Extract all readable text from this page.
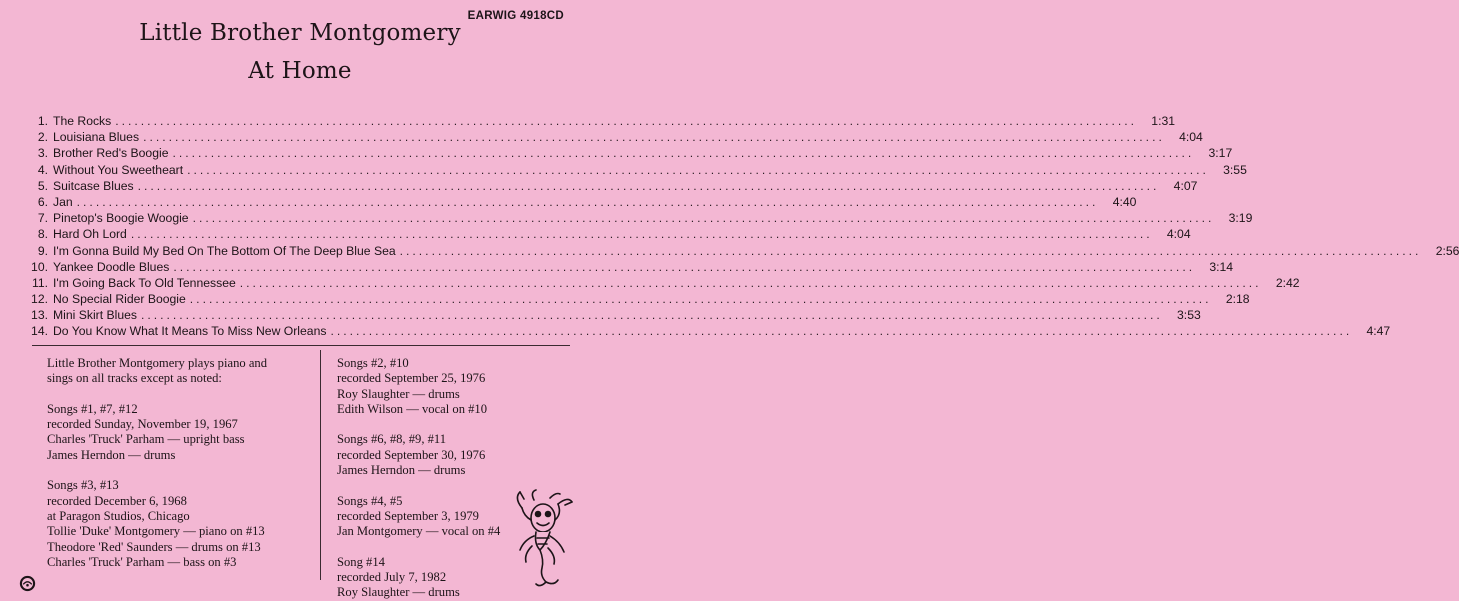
EARWIG 4918CD
Little Brother Montgomery
At Home
1. The Rocks ................................................................................................................................................................	1:31
2. Louisiana Blues ................................................................................................................................................................	4:04
3. Brother Red's Boogie ................................................................................................................................................................	3:17
4. Without You Sweetheart ................................................................................................................................................................	3:55
5. Suitcase Blues ................................................................................................................................................................	4:07
6. Jan ................................................................................................................................................................	4:40
7. Pinetop's Boogie Woogie ................................................................................................................................................................	3:19
8. Hard Oh Lord ................................................................................................................................................................	4:04
9. I'm Gonna Build My Bed On The Bottom Of The Deep Blue Sea ................................................................................................................................................................	2:56
10. Yankee Doodle Blues ................................................................................................................................................................	3:14
11. I'm Going Back To Old Tennessee ................................................................................................................................................................	2:42
12. No Special Rider Boogie ................................................................................................................................................................	2:18
13. Mini Skirt Blues ................................................................................................................................................................	3:53
14. Do You Know What It Means To Miss New Orleans ................................................................................................................................................................	4:47
Little Brother Montgomery plays piano and
sings on all tracks except as noted:
Songs #1, #7, #12
recorded Sunday, November 19, 1967
Charles 'Truck' Parham — upright bass
James Herndon — drums
Songs #3, #13
recorded December 6, 1968
at Paragon Studios, Chicago
Tollie 'Duke' Montgomery — piano on #13
Theodore 'Red' Saunders — drums on #13
Charles 'Truck' Parham — bass on #3
Songs #2, #10
recorded September 25, 1976
Roy Slaughter — drums
Edith Wilson — vocal on #10
Songs #6, #8, #9, #11
recorded September 30, 1976
James Herndon — drums
Songs #4, #5
recorded September 3, 1979
Jan Montgomery — vocal on #4
Song #14
recorded July 7, 1982
Roy Slaughter — drums
